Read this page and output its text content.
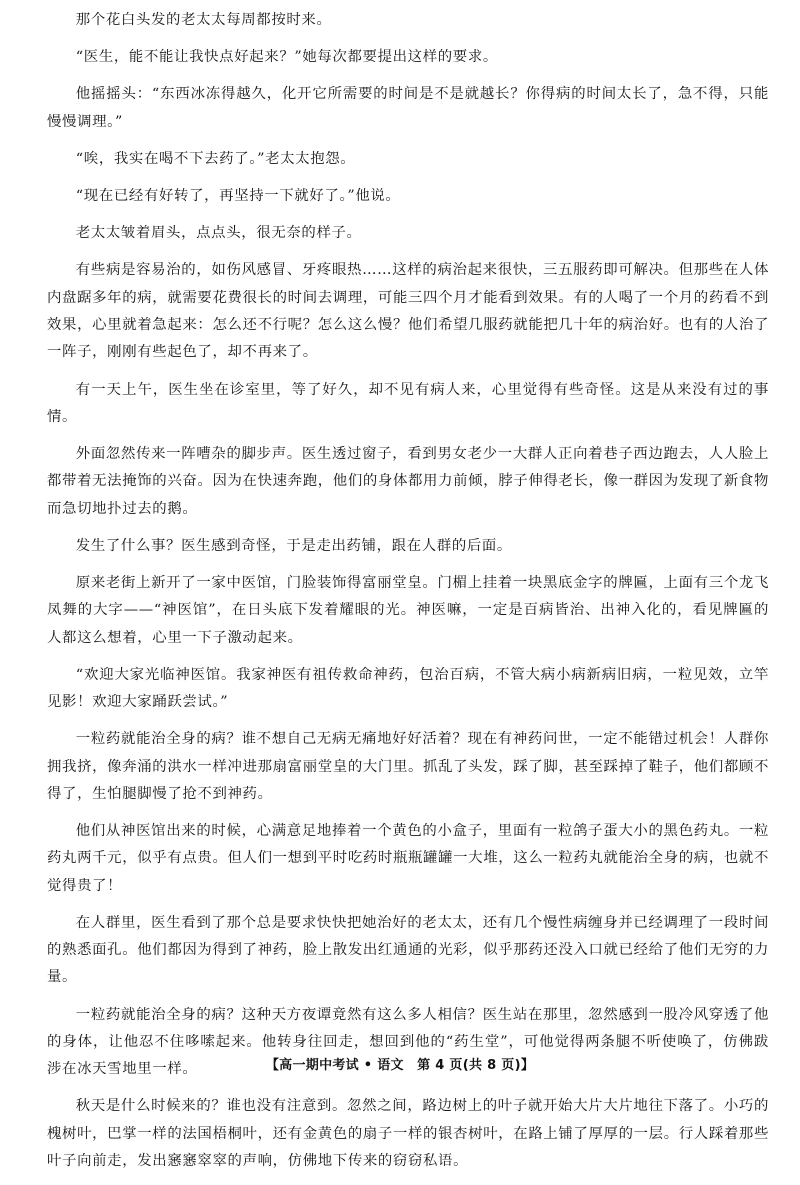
那个花白头发的老太太每周都按时来。

“医生，能不能让我快点好起来？”她每次都要提出这样的要求。

他摇摇头：“东西冰冻得越久，化开它所需要的时间是不是就越长？你得病的时间太长了，急不得，只能慢慢调理。”

“唉，我实在喝不下去药了。”老太太抱怨。

“现在已经有好转了，再坚持一下就好了。”他说。

老太太皱着眉头，点点头，很无奈的样子。

有些病是容易治的，如伤风感冒、牙疼眼热……这样的病治起来很快，三五服药即可解决。但那些在人体内盘踞多年的病，就需要花费很长的时间去调理，可能三四个月才能看到效果。有的人喝了一个月的药看不到效果，心里就着急起来：怎么还不行呢？怎么这么慢？他们希望几服药就能把几十年的病治好。也有的人治了一阵子，刚刚有些起色了，却不再来了。

有一天上午，医生坐在诊室里，等了好久，却不见有病人来，心里觉得有些奇怪。这是从来没有过的事情。

外面忽然传来一阵嘈杂的脚步声。医生透过窗子，看到男女老少一大群人正向着巷子西边跑去，人人脸上都带着无法掩饰的兴奋。因为在快速奔跑，他们的身体都用力前倾，脖子伸得老长，像一群因为发现了新食物而急切地扑过去的鹅。

发生了什么事？医生感到奇怪，于是走出药铺，跟在人群的后面。

原来老街上新开了一家中医馆，门脸装饰得富丽堂皇。门楣上挂着一块黑底金字的牌匾，上面有三个龙飞凤舞的大字——“神医馆”，在日头底下发着耀眼的光。神医嘛，一定是百病皆治、出神入化的，看见牌匾的人都这么想着，心里一下子激动起来。

“欢迎大家光临神医馆。我家神医有祖传救命神药，包治百病，不管大病小病新病旧病，一粒见效，立竿见影！欢迎大家踊跃尝试。”

一粒药就能治全身的病？谁不想自己无病无痛地好好活着？现在有神药问世，一定不能错过机会！人群你拥我挤，像奔涌的洪水一样冲进那扇富丽堂皇的大门里。抓乱了头发，踩了脚，甚至踩掉了鞋子，他们都顾不得了，生怕腿脚慢了抢不到神药。

他们从神医馆出来的时候，心满意足地捧着一个黄色的小盒子，里面有一粒鸽子蛋大小的黑色药丸。一粒药丸两千元，似乎有点贵。但人们一想到平时吃药时瓶瓶罐罐一大堆，这么一粒药丸就能治全身的病，也就不觉得贵了！

在人群里，医生看到了那个总是要求快快把她治好的老太太，还有几个慢性病缠身并已经调理了一段时间的熟悉面孔。他们都因为得到了神药，脸上散发出红通通的光彩，似乎那药还没入口就已经给了他们无穷的力量。

一粒药就能治全身的病？这种天方夜谭竟然有这么多人相信？医生站在那里，忽然感到一股冷风穿透了他的身体，让他忍不住哆嗦起来。他转身往回走，想回到他的“药生堂”，可他觉得两条腿不听使唤了，仿佛跋涉在冰天雪地里一样。

秋天是什么时候来的？谁也没有注意到。忽然之间，路边树上的叶子就开始大片大片地往下落了。小巧的槐树叶，巴掌一样的法国梧桐叶，还有金黄色的扇子一样的银杏树叶，在路上铺了厚厚的一层。行人踩着那些叶子向前走，发出窸窸窣窣的声响，仿佛地下传来的窃窃私语。

【高一期中考试 • 语文　第 4 页(共 8 页)】
